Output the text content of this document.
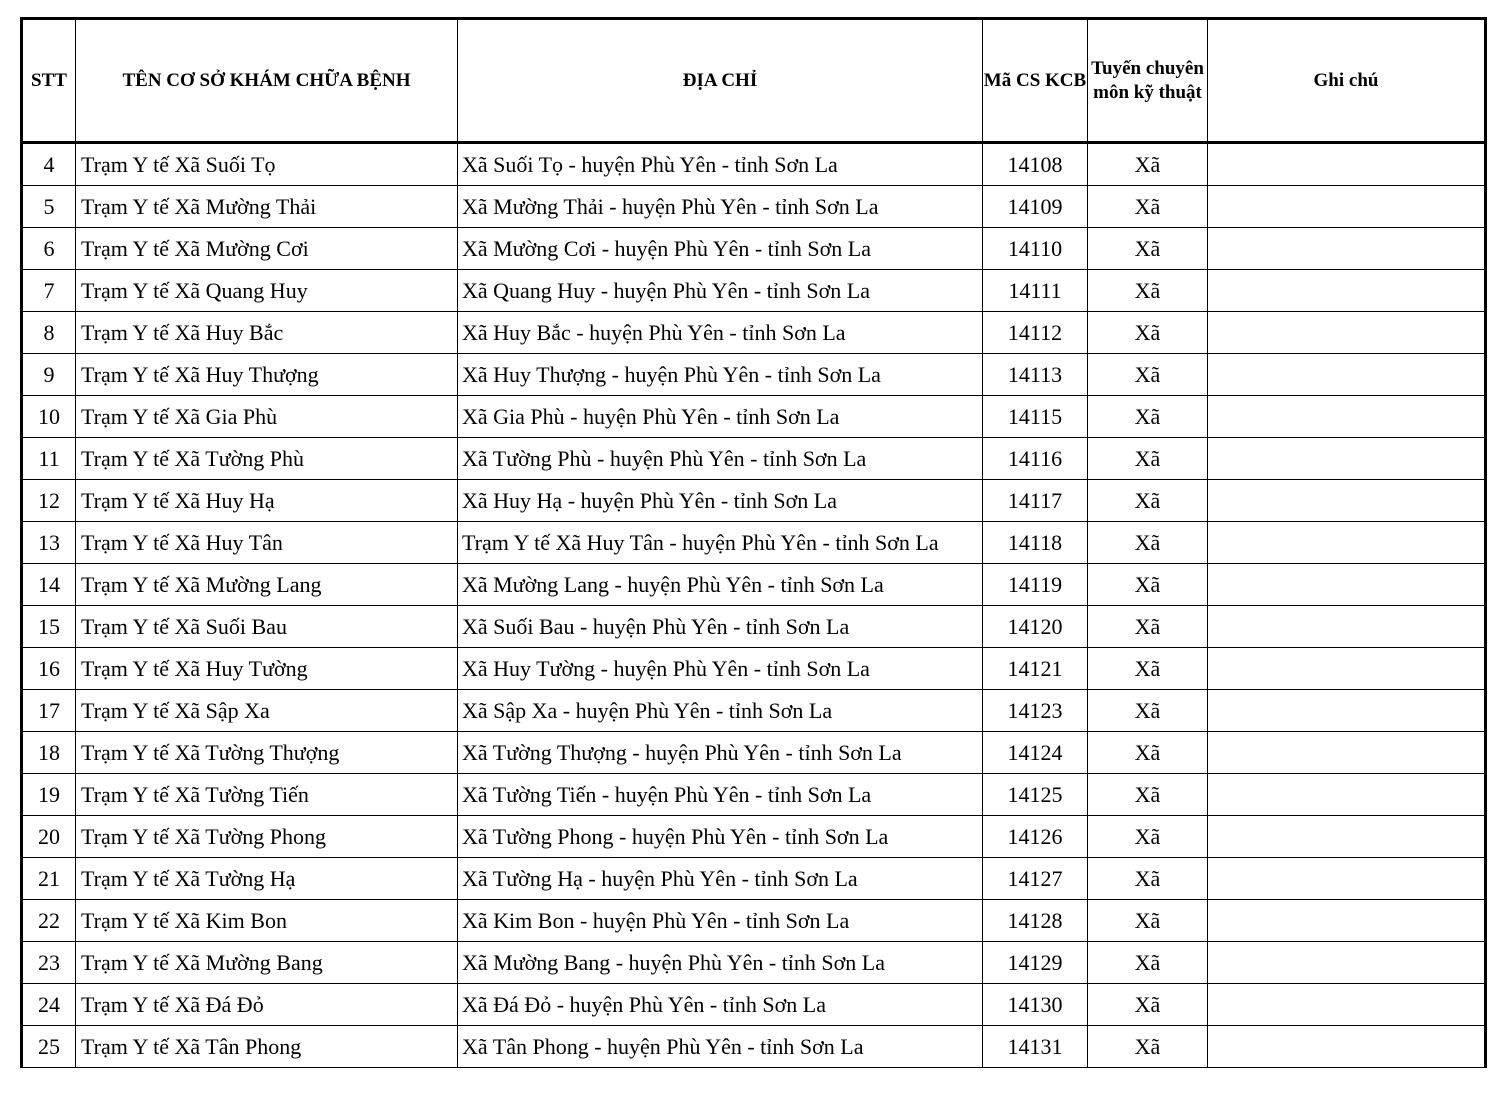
STT	TÊN CƠ SỞ KHÁM CHỮA BỆNH	ĐỊA CHỈ	Mã CS KCB	Tuyến chuyên môn kỹ thuật	Ghi chú
4	Trạm Y tế Xã Suối Tọ	Xã Suối Tọ - huyện Phù Yên - tỉnh Sơn La	14108	Xã	
5	Trạm Y tế Xã Mường Thải	Xã Mường Thải - huyện Phù Yên - tỉnh Sơn La	14109	Xã	
6	Trạm Y tế Xã Mường Cơi	Xã Mường Cơi - huyện Phù Yên - tỉnh Sơn La	14110	Xã	
7	Trạm Y tế Xã Quang Huy	Xã Quang Huy - huyện Phù Yên - tỉnh Sơn La	14111	Xã	
8	Trạm Y tế Xã Huy Bắc	Xã Huy Bắc - huyện Phù Yên - tỉnh Sơn La	14112	Xã	
9	Trạm Y tế Xã Huy Thượng	Xã Huy Thượng - huyện Phù Yên - tỉnh Sơn La	14113	Xã	
10	Trạm Y tế Xã Gia Phù	Xã Gia Phù - huyện Phù Yên - tỉnh Sơn La	14115	Xã	
11	Trạm Y tế Xã Tường Phù	Xã Tường Phù - huyện Phù Yên - tỉnh Sơn La	14116	Xã	
12	Trạm Y tế Xã Huy Hạ	Xã Huy Hạ - huyện Phù Yên - tỉnh Sơn La	14117	Xã	
13	Trạm Y tế Xã Huy Tân	Trạm Y tế Xã Huy Tân - huyện Phù Yên - tỉnh Sơn La	14118	Xã	
14	Trạm Y tế Xã Mường Lang	Xã Mường Lang - huyện Phù Yên - tỉnh Sơn La	14119	Xã	
15	Trạm Y tế Xã Suối Bau	Xã Suối Bau - huyện Phù Yên - tỉnh Sơn La	14120	Xã	
16	Trạm Y tế Xã Huy Tường	Xã Huy Tường - huyện Phù Yên - tỉnh Sơn La	14121	Xã	
17	Trạm Y tế Xã Sập Xa	Xã Sập Xa - huyện Phù Yên - tỉnh Sơn La	14123	Xã	
18	Trạm Y tế Xã Tường Thượng	Xã Tường Thượng - huyện Phù Yên - tỉnh Sơn La	14124	Xã	
19	Trạm Y tế Xã Tường Tiến	Xã Tường Tiến - huyện Phù Yên - tỉnh Sơn La	14125	Xã	
20	Trạm Y tế Xã Tường Phong	Xã Tường Phong - huyện Phù Yên - tỉnh Sơn La	14126	Xã	
21	Trạm Y tế Xã Tường Hạ	Xã Tường Hạ - huyện Phù Yên - tỉnh Sơn La	14127	Xã	
22	Trạm Y tế Xã Kim Bon	Xã Kim Bon - huyện Phù Yên - tỉnh Sơn La	14128	Xã	
23	Trạm Y tế Xã Mường Bang	Xã Mường Bang - huyện Phù Yên - tỉnh Sơn La	14129	Xã	
24	Trạm Y tế Xã Đá Đỏ	Xã Đá Đỏ - huyện Phù Yên - tỉnh Sơn La	14130	Xã	
25	Trạm Y tế Xã Tân Phong	Xã Tân Phong - huyện Phù Yên - tỉnh Sơn La	14131	Xã	
